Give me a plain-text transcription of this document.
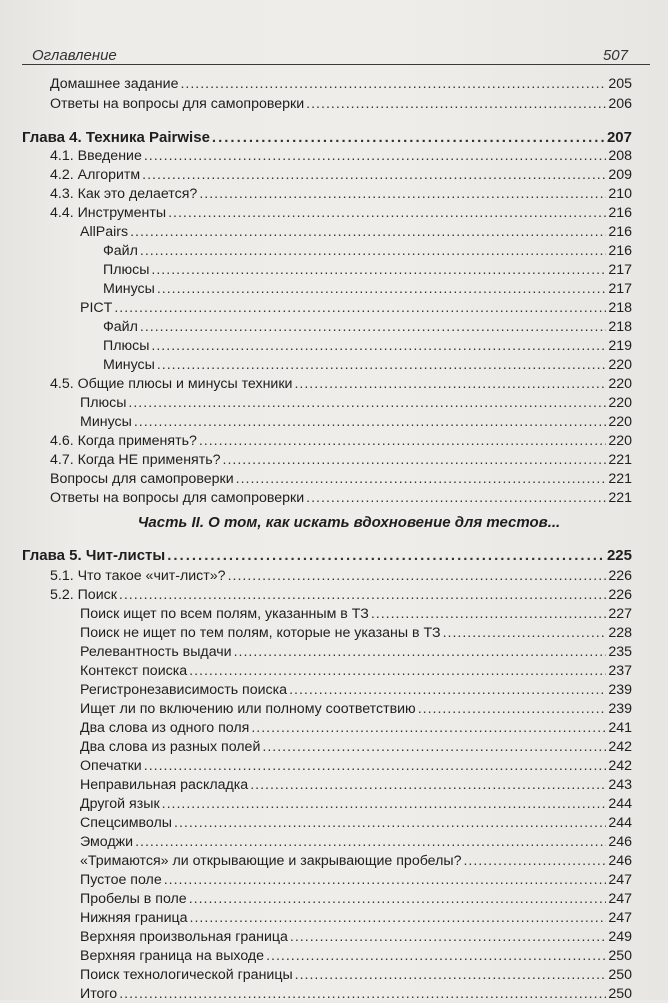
Оглавление	507
Домашнее задание .....	205
Ответы на вопросы для самопроверки .....	206
Глава 4. Техника Pairwise .....	207
4.1. Введение .....	208
4.2. Алгоритм .....	209
4.3. Как это делается? .....	210
4.4. Инструменты .....	216
AllPairs .....	216
Файл .....	216
Плюсы .....	217
Минусы .....	217
PICT .....	218
Файл .....	218
Плюсы .....	219
Минусы .....	220
4.5. Общие плюсы и минусы техники .....	220
Плюсы .....	220
Минусы .....	220
4.6. Когда применять? .....	220
4.7. Когда НЕ применять? .....	221
Вопросы для самопроверки .....	221
Ответы на вопросы для самопроверки .....	221
Глава 5. Чит-листы .....	225
5.1. Что такое «чит-лист»? .....	226
5.2. Поиск .....	226
Поиск ищет по всем полям, указанным в ТЗ .....	227
Поиск не ищет по тем полям, которые не указаны в ТЗ .....	228
Релевантность выдачи .....	235
Контекст поиска .....	237
Регистронезависимость поиска .....	239
Ищет ли по включению или полному соответствию .....	239
Два слова из одного поля .....	241
Два слова из разных полей .....	242
Опечатки .....	242
Неправильная раскладка .....	243
Другой язык .....	244
Спецсимволы .....	244
Эмоджи .....	246
«Тримаются» ли открывающие и закрывающие пробелы? .....	246
Пустое поле .....	247
Пробелы в поле .....	247
Нижняя граница .....	247
Верхняя произвольная граница .....	249
Верхняя граница на выходе .....	250
Поиск технологической границы .....	250
Итого .....	250
Часть II. О том, как искать вдохновение для тестов...
